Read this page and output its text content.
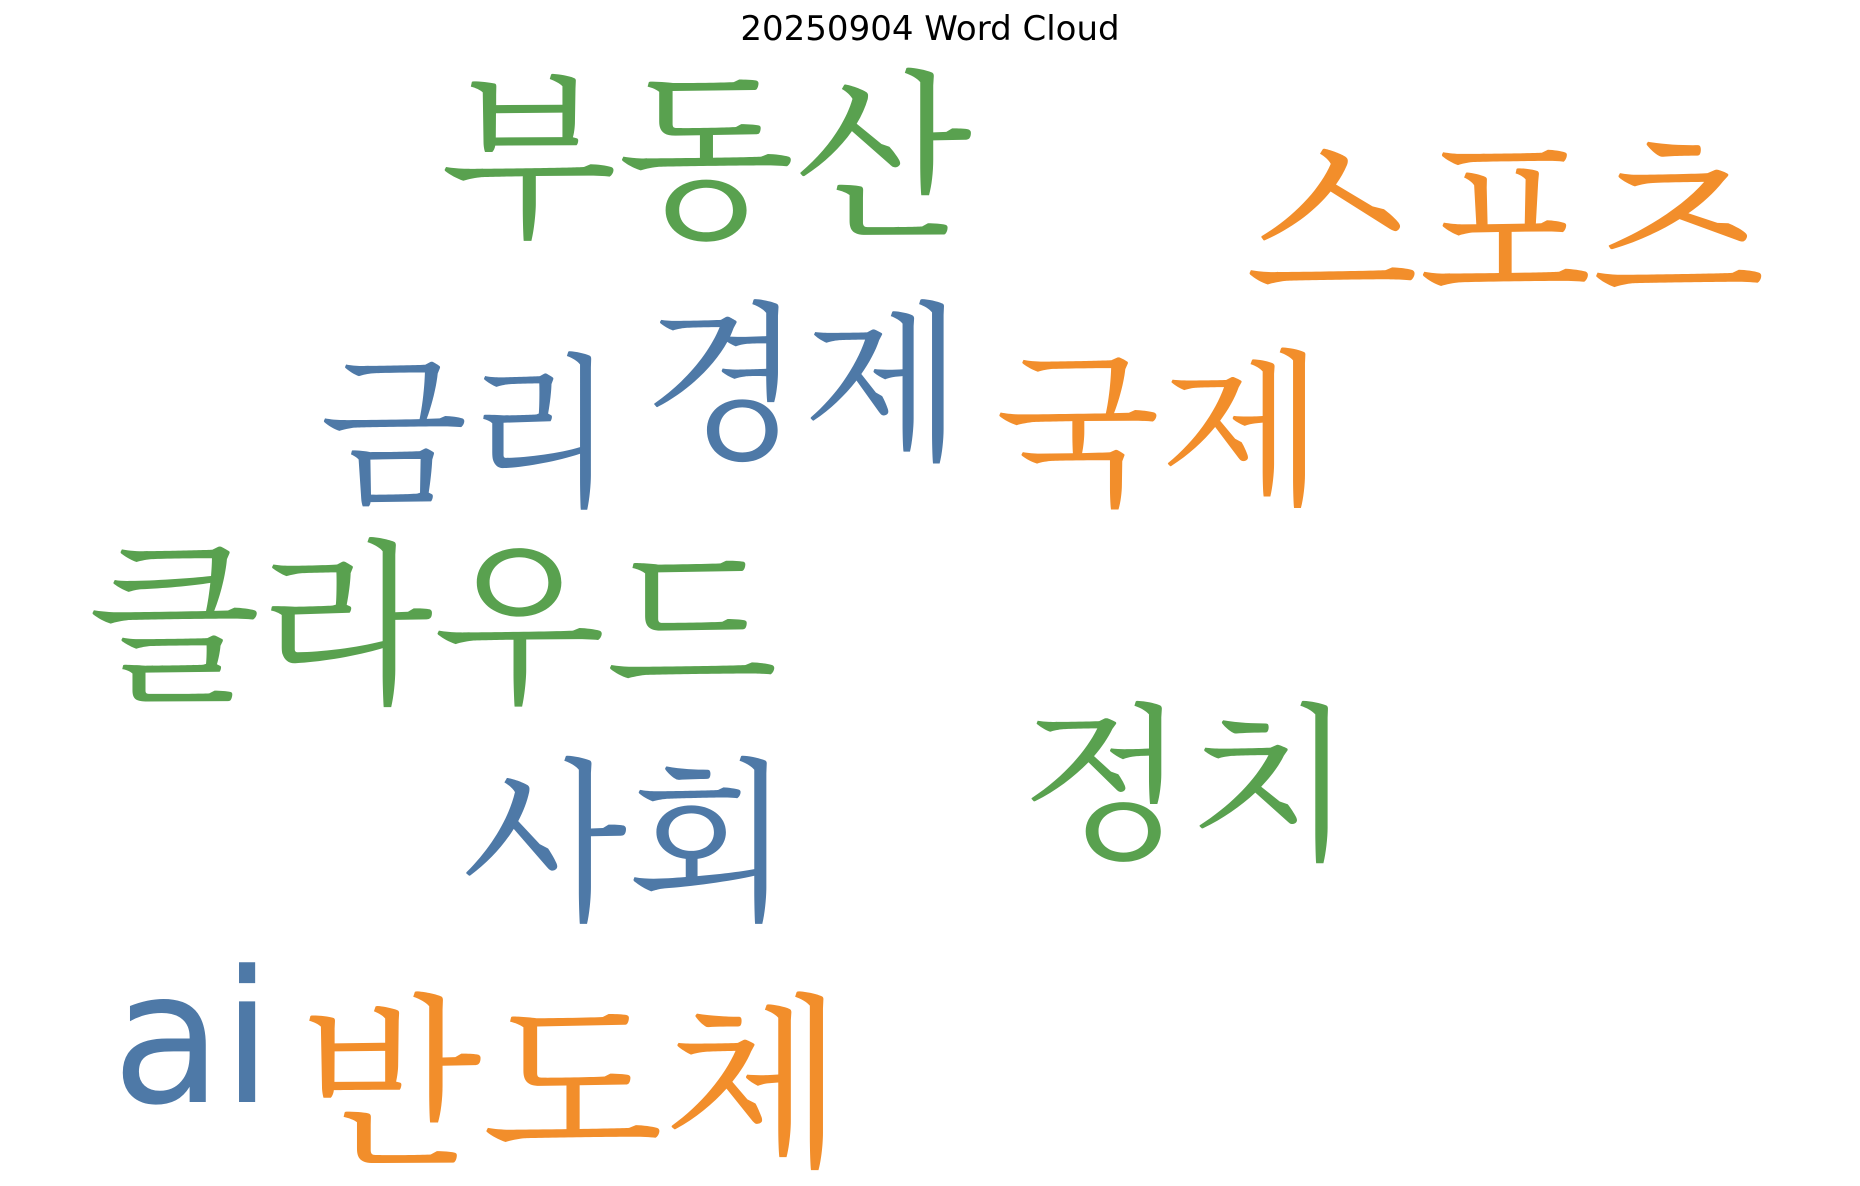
20250904 Word Cloud
부동산 스포츠
경제
금리 국제
클라우드
정치
사회
ai 반도체
